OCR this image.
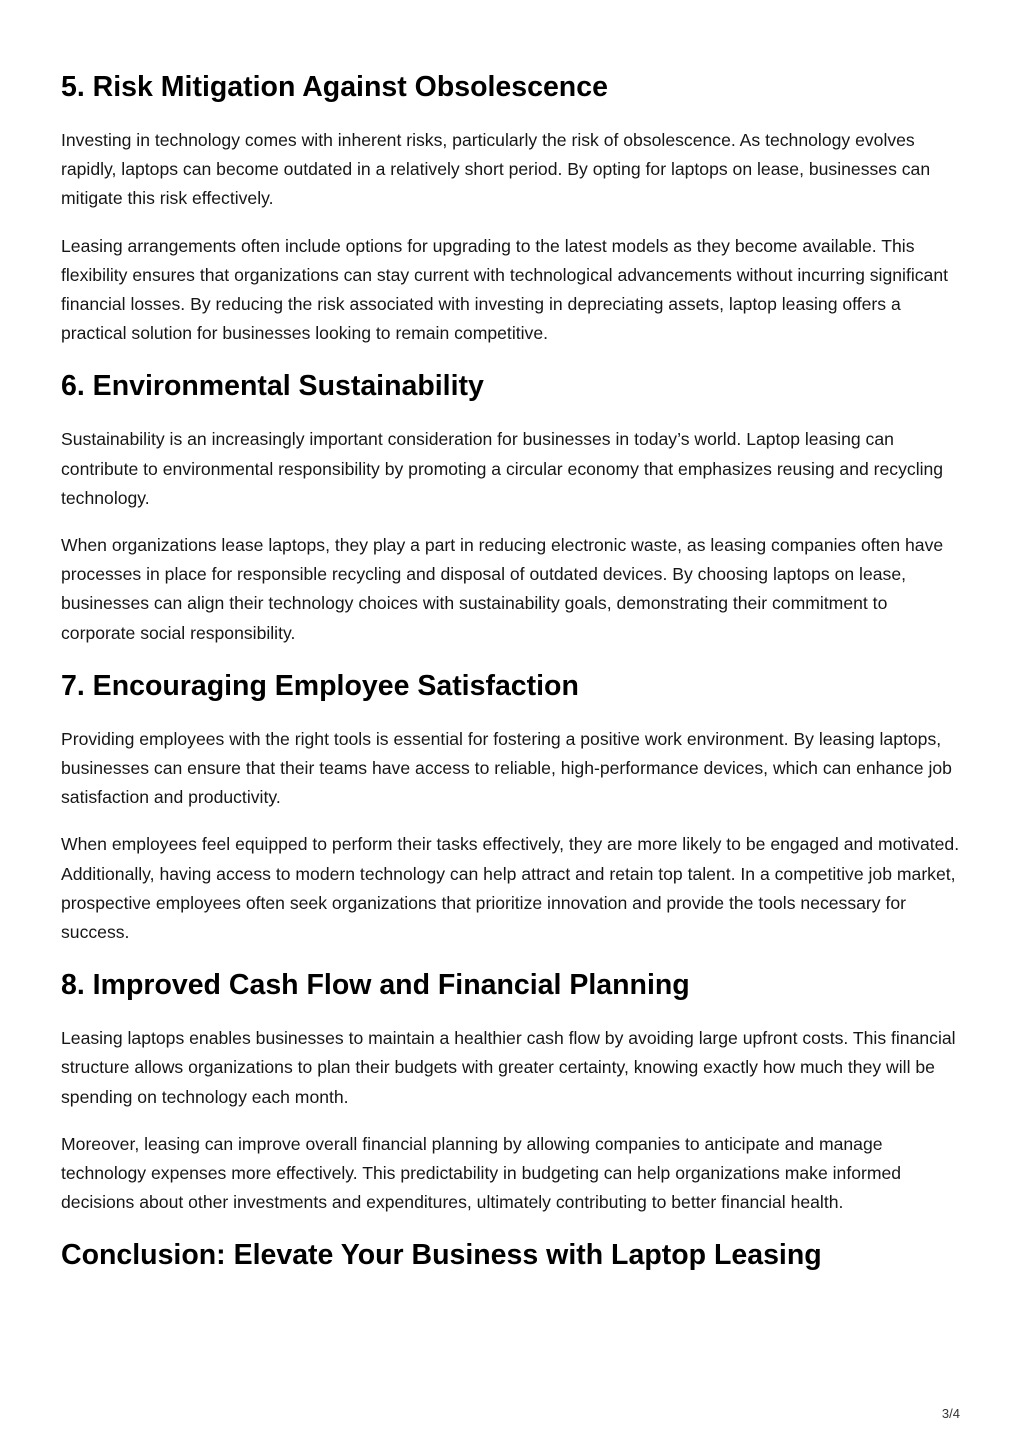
5. Risk Mitigation Against Obsolescence

Investing in technology comes with inherent risks, particularly the risk of obsolescence. As technology evolves rapidly, laptops can become outdated in a relatively short period. By opting for laptops on lease, businesses can mitigate this risk effectively.

Leasing arrangements often include options for upgrading to the latest models as they become available. This flexibility ensures that organizations can stay current with technological advancements without incurring significant financial losses. By reducing the risk associated with investing in depreciating assets, laptop leasing offers a practical solution for businesses looking to remain competitive.

6. Environmental Sustainability

Sustainability is an increasingly important consideration for businesses in today’s world. Laptop leasing can contribute to environmental responsibility by promoting a circular economy that emphasizes reusing and recycling technology.

When organizations lease laptops, they play a part in reducing electronic waste, as leasing companies often have processes in place for responsible recycling and disposal of outdated devices. By choosing laptops on lease, businesses can align their technology choices with sustainability goals, demonstrating their commitment to corporate social responsibility.

7. Encouraging Employee Satisfaction

Providing employees with the right tools is essential for fostering a positive work environment. By leasing laptops, businesses can ensure that their teams have access to reliable, high-performance devices, which can enhance job satisfaction and productivity.

When employees feel equipped to perform their tasks effectively, they are more likely to be engaged and motivated. Additionally, having access to modern technology can help attract and retain top talent. In a competitive job market, prospective employees often seek organizations that prioritize innovation and provide the tools necessary for success.

8. Improved Cash Flow and Financial Planning

Leasing laptops enables businesses to maintain a healthier cash flow by avoiding large upfront costs. This financial structure allows organizations to plan their budgets with greater certainty, knowing exactly how much they will be spending on technology each month.

Moreover, leasing can improve overall financial planning by allowing companies to anticipate and manage technology expenses more effectively. This predictability in budgeting can help organizations make informed decisions about other investments and expenditures, ultimately contributing to better financial health.

Conclusion: Elevate Your Business with Laptop Leasing
3/4
